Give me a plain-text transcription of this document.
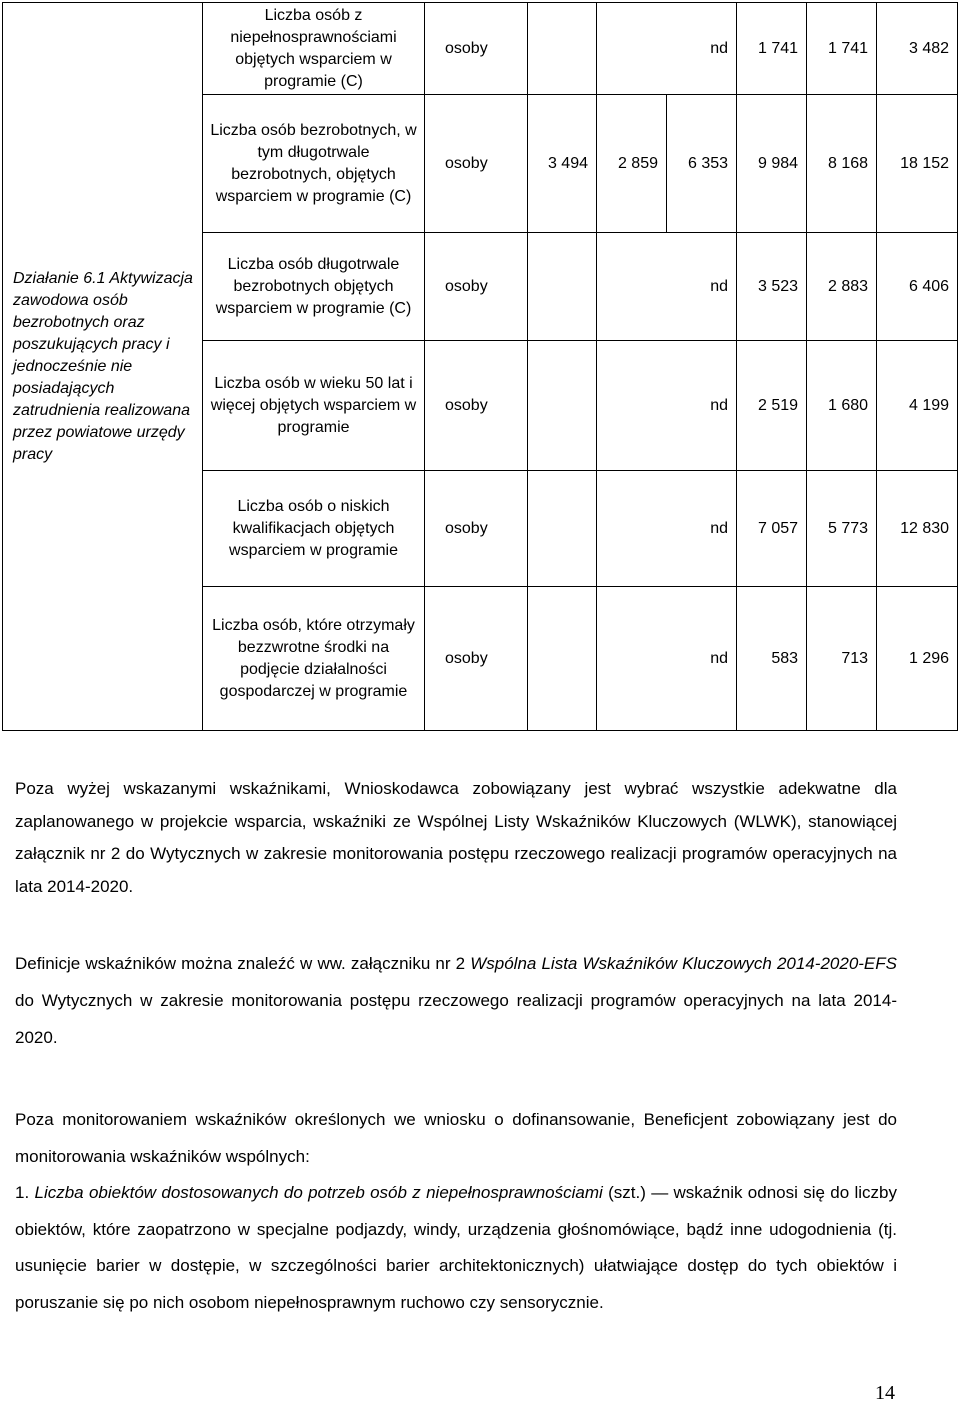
Działanie 6.1 Aktywizacja zawodowa osób bezrobotnych oraz poszukujących pracy i jednocześnie nie posiadających zatrudnienia realizowana przez powiatowe urzędy pracy	Liczba osób z niepełnosprawnościami objętych wsparciem w programie (C)	osoby		nd		1 741	1 741	3 482
	Liczba osób bezrobotnych, w tym długotrwale bezrobotnych, objętych wsparciem w programie (C)	osoby	3 494	2 859	6 353	9 984	8 168	18 152
	Liczba osób długotrwale bezrobotnych objętych wsparciem w programie (C)	osoby		nd		3 523	2 883	6 406
	Liczba osób w wieku 50 lat i więcej objętych wsparciem w programie	osoby		nd		2 519	1 680	4 199
	Liczba osób o niskich kwalifikacjach objętych wsparciem w programie	osoby		nd		7 057	5 773	12 830
	Liczba osób, które otrzymały bezzwrotne środki na podjęcie działalności gospodarczej w programie	osoby		nd		583	713	1 296

Poza wyżej wskazanymi wskaźnikami, Wnioskodawca zobowiązany jest wybrać wszystkie adekwatne dla zaplanowanego w projekcie wsparcia, wskaźniki ze Wspólnej Listy Wskaźników Kluczowych (WLWK), stanowiącej załącznik nr 2 do Wytycznych w zakresie monitorowania postępu rzeczowego realizacji programów operacyjnych na lata 2014-2020.

Definicje wskaźników można znaleźć w ww. załączniku nr 2 Wspólna Lista Wskaźników Kluczowych 2014-2020-EFS do Wytycznych w zakresie monitorowania postępu rzeczowego realizacji programów operacyjnych na lata 2014-2020.

Poza monitorowaniem wskaźników określonych we wniosku o dofinansowanie, Beneficjent zobowiązany jest do monitorowania wskaźników wspólnych:

1. Liczba obiektów dostosowanych do potrzeb osób z niepełnosprawnościami (szt.) — wskaźnik odnosi się do liczby obiektów, które zaopatrzono w specjalne podjazdy, windy, urządzenia głośnomówiące, bądź inne udogodnienia (tj. usunięcie barier w dostępie, w szczególności barier architektonicznych) ułatwiające dostęp do tych obiektów i poruszanie się po nich osobom niepełnosprawnym ruchowo czy sensorycznie.

14
